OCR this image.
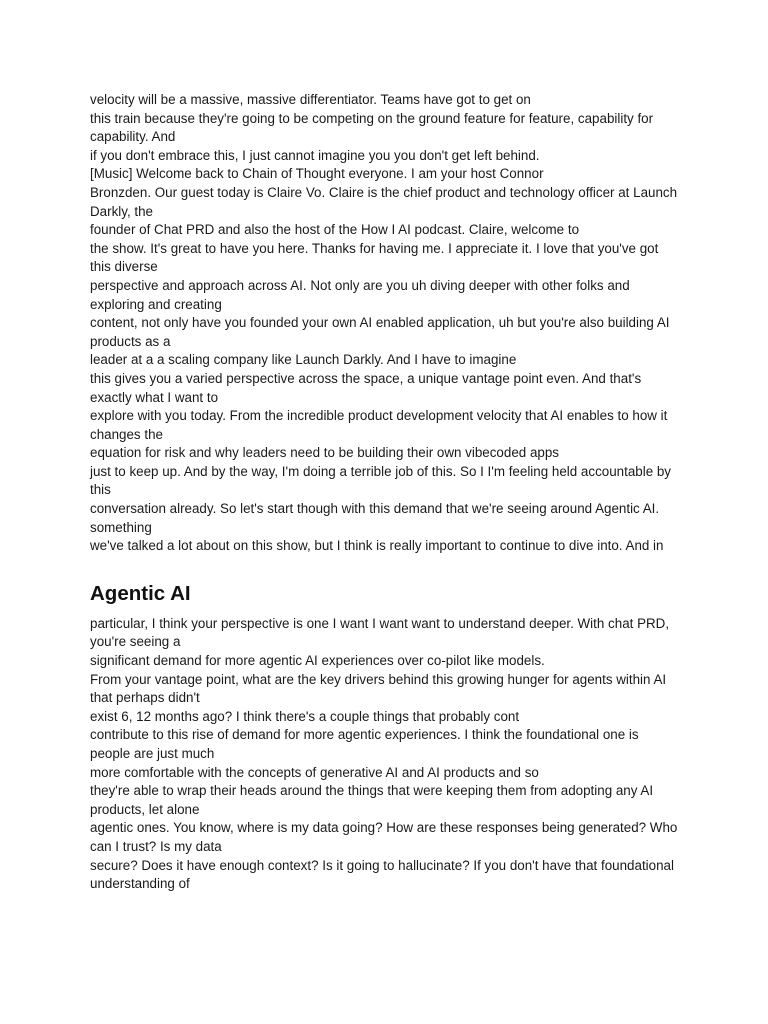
velocity will be a massive, massive differentiator. Teams have got to get on
this train because they're going to be competing on the ground feature for feature, capability for capability. And
if you don't embrace this, I just cannot imagine you you don't get left behind.
[Music] Welcome back to Chain of Thought everyone. I am your host Connor
Bronzden. Our guest today is Claire Vo. Claire is the chief product and technology officer at Launch Darkly, the
founder of Chat PRD and also the host of the How I AI podcast. Claire, welcome to
the show. It's great to have you here. Thanks for having me. I appreciate it. I love that you've got this diverse
perspective and approach across AI. Not only are you uh diving deeper with other folks and exploring and creating
content, not only have you founded your own AI enabled application, uh but you're also building AI products as a
leader at a a scaling company like Launch Darkly. And I have to imagine
this gives you a varied perspective across the space, a unique vantage point even. And that's exactly what I want to
explore with you today. From the incredible product development velocity that AI enables to how it changes the
equation for risk and why leaders need to be building their own vibecoded apps
just to keep up. And by the way, I'm doing a terrible job of this. So I I'm feeling held accountable by this
conversation already. So let's start though with this demand that we're seeing around Agentic AI. something
we've talked a lot about on this show, but I think is really important to continue to dive into. And in

Agentic AI

particular, I think your perspective is one I want I want want to understand deeper. With chat PRD, you're seeing a
significant demand for more agentic AI experiences over co-pilot like models.
From your vantage point, what are the key drivers behind this growing hunger for agents within AI that perhaps didn't
exist 6, 12 months ago? I think there's a couple things that probably cont
contribute to this rise of demand for more agentic experiences. I think the foundational one is people are just much
more comfortable with the concepts of generative AI and AI products and so
they're able to wrap their heads around the things that were keeping them from adopting any AI products, let alone
agentic ones. You know, where is my data going? How are these responses being generated? Who can I trust? Is my data
secure? Does it have enough context? Is it going to hallucinate? If you don't have that foundational understanding of
